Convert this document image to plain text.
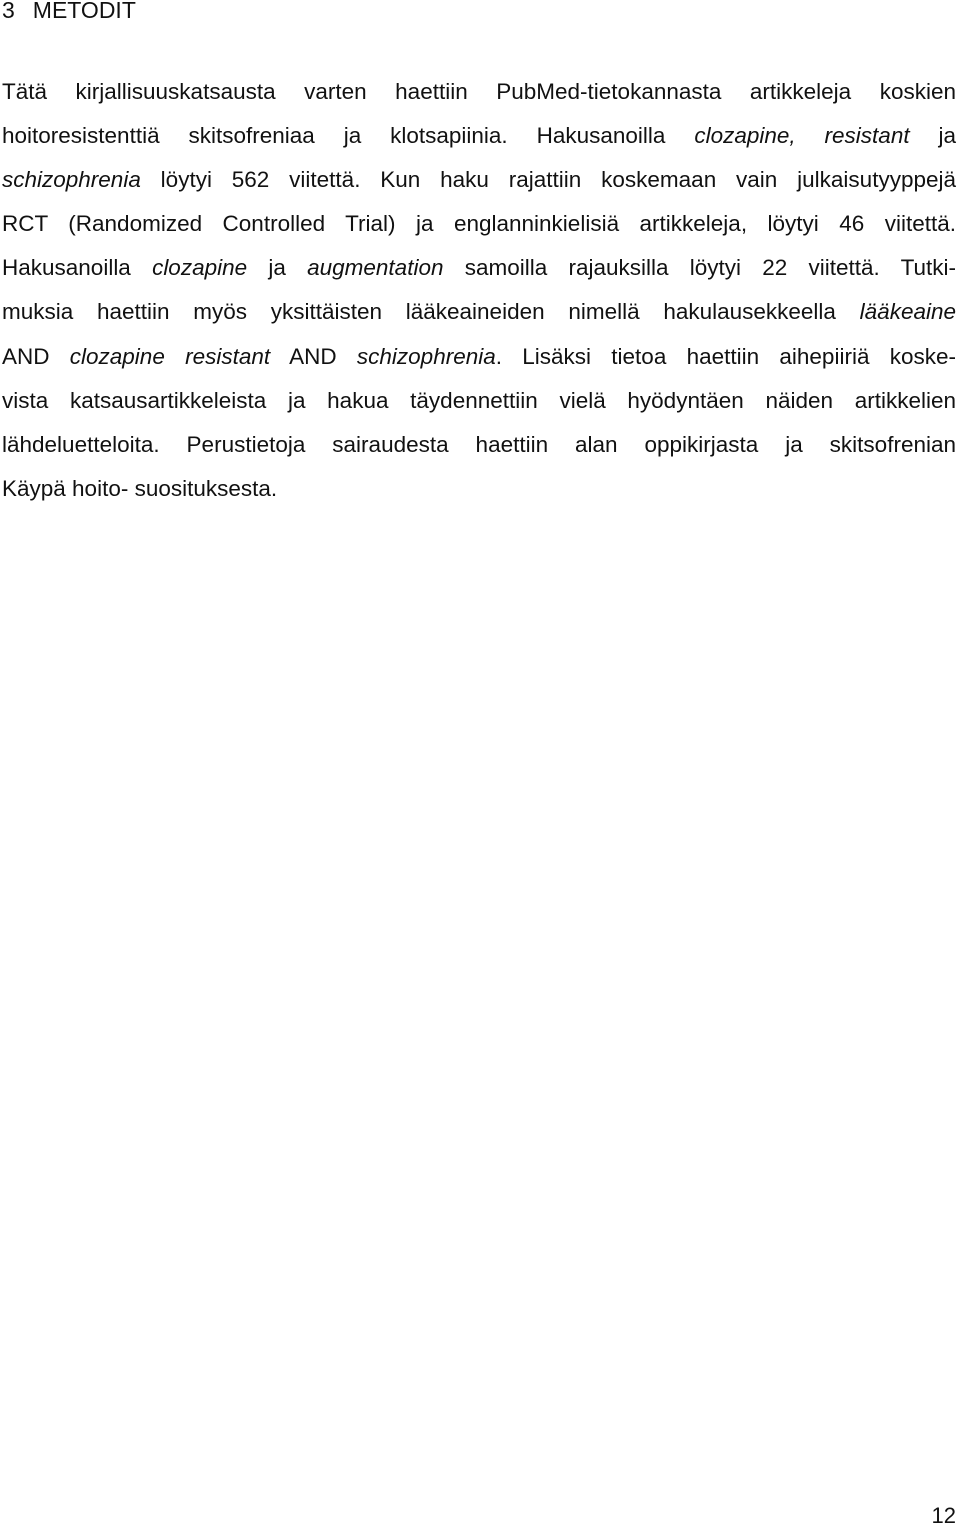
3 METODIT
Tätä kirjallisuuskatsausta varten haettiin PubMed-tietokannasta artikkeleja koskien
hoitoresistenttiä skitsofreniaa ja klotsapiinia. Hakusanoilla clozapine, resistant ja
schizophrenia löytyi 562 viitettä. Kun haku rajattiin koskemaan vain julkaisutyyppejä
RCT (Randomized Controlled Trial) ja englanninkielisiä artikkeleja, löytyi 46 viitettä.
Hakusanoilla clozapine ja augmentation samoilla rajauksilla löytyi 22 viitettä. Tutki-
muksia haettiin myös yksittäisten lääkeaineiden nimellä hakulausekkeella lääkeaine
AND clozapine resistant AND schizophrenia. Lisäksi tietoa haettiin aihepiiriä koske-
vista katsausartikkeleista ja hakua täydennettiin vielä hyödyntäen näiden artikkelien
lähdeluetteloita. Perustietoja sairaudesta haettiin alan oppikirjasta ja skitsofrenian
Käypä hoito- suosituksesta.
12
